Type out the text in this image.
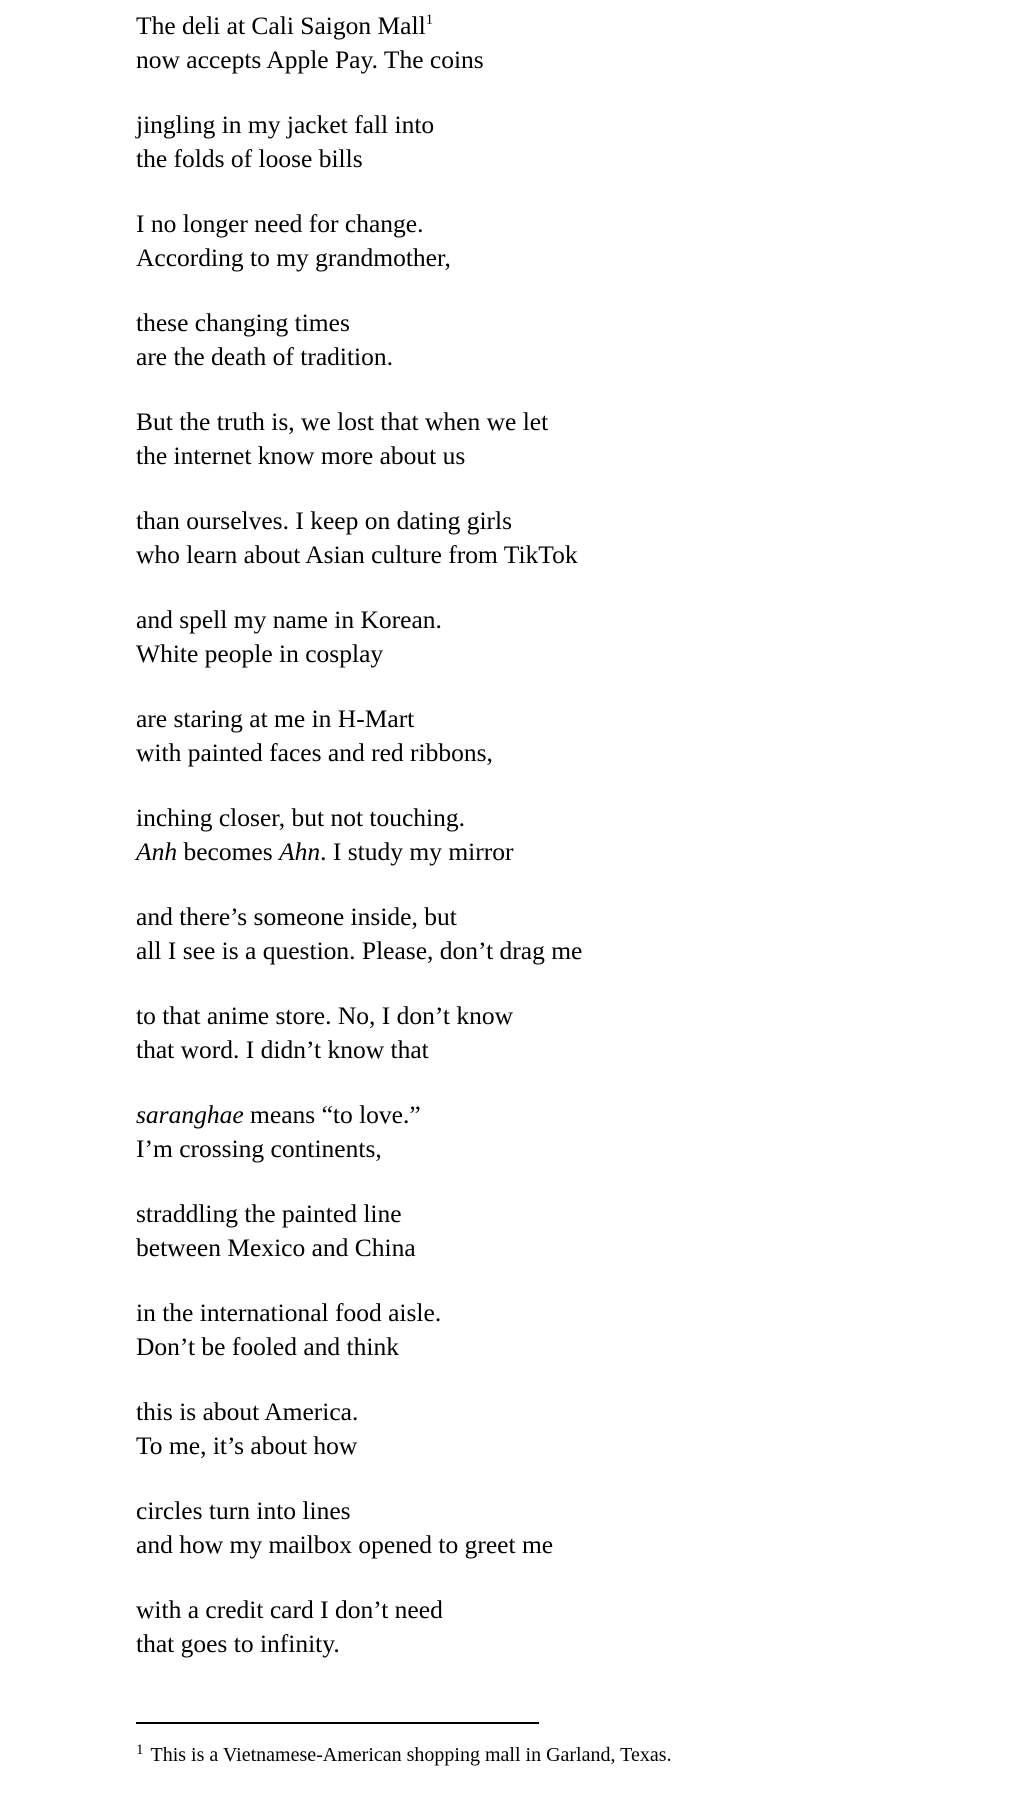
The deli at Cali Saigon Mall$^1$
now accepts Apple Pay. The coins
jingling in my jacket fall into
the folds of loose bills
I no longer need for change.
According to my grandmother,
these changing times
are the death of tradition.
But the truth is, we lost that when we let
the internet know more about us
than ourselves. I keep on dating girls
who learn about Asian culture from TikTok
and spell my name in Korean.
White people in cosplay
are staring at me in H-Mart
with painted faces and red ribbons,
inching closer, but not touching.
Anh becomes Ahn. I study my mirror
and there’s someone inside, but
all I see is a question. Please, don’t drag me
to that anime store. No, I don’t know
that word. I didn’t know that
saranghae means “to love.”
I’m crossing continents,
straddling the painted line
between Mexico and China
in the international food aisle.
Don’t be fooled and think
this is about America.
To me, it’s about how
circles turn into lines
and how my mailbox opened to greet me
with a credit card I don’t need
that goes to infinity.
$^1$ This is a Vietnamese-American shopping mall in Garland, Texas.
